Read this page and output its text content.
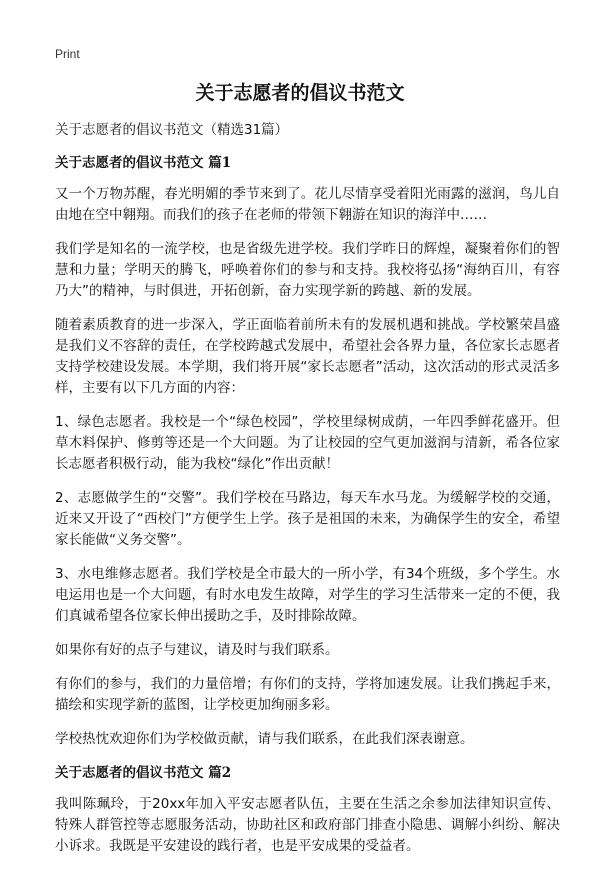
Print
关于志愿者的倡议书范文

关于志愿者的倡议书范文（精选31篇）

关于志愿者的倡议书范文 篇1

又一个万物苏醒，春光明媚的季节来到了。花儿尽情享受着阳光雨露的滋润，鸟儿自由地在空中翱翔。而我们的孩子在老师的带领下翱游在知识的海洋中……

我们学是知名的一流学校，也是省级先进学校。我们学昨日的辉煌，凝聚着你们的智慧和力量；学明天的腾飞，呼唤着你们的参与和支持。我校将弘扬“海纳百川，有容乃大”的精神，与时俱进，开拓创新，奋力实现学新的跨越、新的发展。

随着素质教育的进一步深入，学正面临着前所未有的发展机遇和挑战。学校繁荣昌盛是我们义不容辞的责任，在学校跨越式发展中，希望社会各界力量，各位家长志愿者支持学校建设发展。本学期，我们将开展“家长志愿者”活动，这次活动的形式灵活多样，主要有以下几方面的内容：

1、绿色志愿者。我校是一个“绿色校园”，学校里绿树成荫，一年四季鲜花盛开。但草木料保护、修剪等还是一个大问题。为了让校园的空气更加滋润与清新，希各位家长志愿者积极行动，能为我校“绿化”作出贡献！

2、志愿做学生的“交警”。我们学校在马路边，每天车水马龙。为缓解学校的交通，近来又开设了“西校门”方便学生上学。孩子是祖国的未来，为确保学生的安全，希望家长能做“义务交警”。

3、水电维修志愿者。我们学校是全市最大的一所小学，有34个班级，多个学生。水电运用也是一个大问题，有时水电发生故障，对学生的学习生活带来一定的不便，我们真诚希望各位家长伸出援助之手，及时排除故障。

如果你有好的点子与建议，请及时与我们联系。

有你们的参与，我们的力量倍增；有你们的支持，学将加速发展。让我们携起手来，描绘和实现学新的蓝图，让学校更加绚丽多彩。

学校热忱欢迎你们为学校做贡献，请与我们联系，在此我们深表谢意。

关于志愿者的倡议书范文 篇2

我叫陈珮玲，于20xx年加入平安志愿者队伍，主要在生活之余参加法律知识宣传、特殊人群管控等志愿服务活动，协助社区和政府部门排查小隐患、调解小纠纷、解决小诉求。我既是平安建设的践行者，也是平安成果的受益者。
